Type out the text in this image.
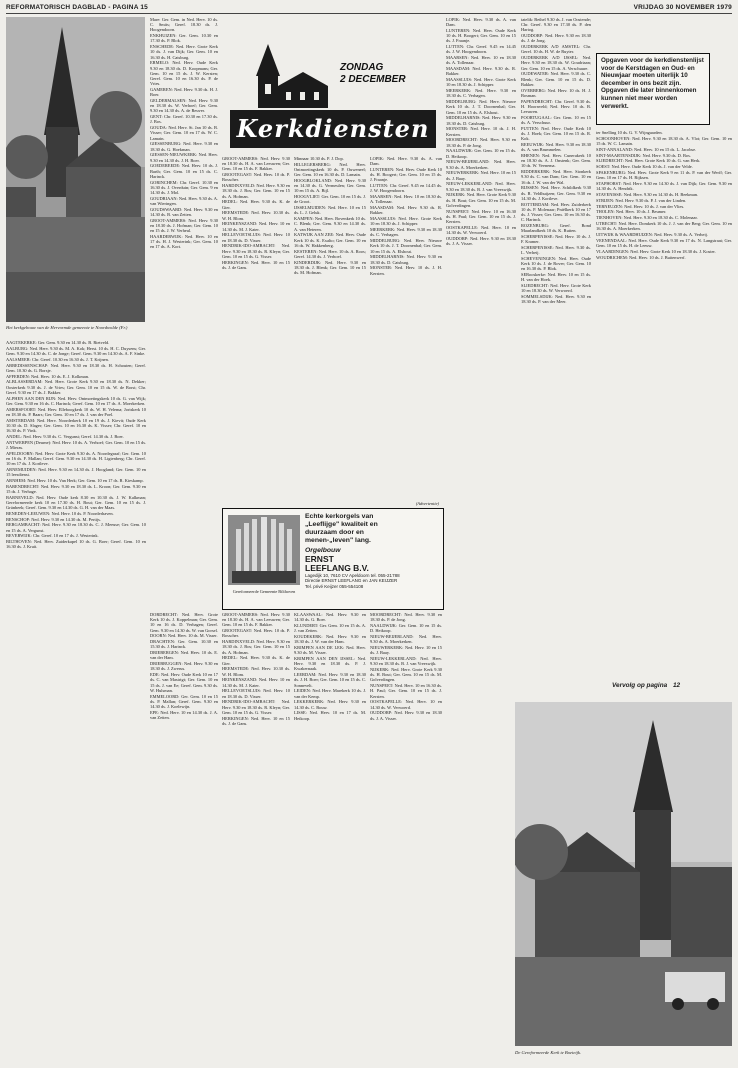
REFORMATORISCH DAGBLAD - PAGINA 15	VRIJDAG 30 NOVEMBER 1979
Het kerkgebouw van de Hervormde gemeente te Noordwolde (Fr.)

AAGTEKERKE: Ger. Gem. 9.30 en 14.30 ds. B. Rietveld.

AALBURG: Ned. Herv. 9.30 ds. M. A. Kok; Herst. 10 ds. H. C. Duysens; Ger. Gem. 9.30 en 14.30 ds. C. de Jonge; Geref. Gem. 9.30 en 14.30 ds. A. F. Sinke.

AALSMEER: Chr. Geref. 10.30 en 16.30 ds. J. T. Krijnen.

ABBEDISSENSCHAP: Ned. Herv. 9.30 en 18.30 ds. H. Schouten; Geref. Gem. 10.30 ds. G. Borsje.

AFFERDEN: Ned. Herv. 10 ds. E. J. Kolkman.

ALBLASSERDAM: Ned. Herv. Grote Kerk 9.30 en 18.30 ds. N. Dekker; Oosterkerk 9.30 ds. J. de Vries; Ger. Gem. 10 en 15 ds. W. de Borst; Chr. Geref. 9.30 en 17 ds. J. Bakker.

ALPHEN AAN DEN RIJN: Ned. Herv. Ontmoetingskerk 10 ds. G. van Wijk; Ger. Gem. 9.30 en 16 ds. C. Harinck; Geref. Gem. 10 en 17 ds. A. Moerkerken.

AMERSFOORT: Ned. Herv. Elleboogkerk 10 ds. W. H. Velema; Joriskerk 10 en 18.30 ds. P. Baars; Ger. Gem. 10 en 17 ds. J. van der Poel.

AMSTERDAM: Ned. Herv. Noorderkerk 10 en 19 ds. J. Kievit; Oude Kerk 10.30 ds. D. Slager; Ger. Gem. 10 en 16.30 ds. K. Visser; Chr. Geref. 10 en 16.30 ds. P. Vink.

ANDEL: Ned. Herv. 9.30 ds. C. Vergunst; Geref. 14.30 ds. J. Boer.

ANTWERPEN (Deurne): Ned. Herv. 10 ds. A. Verhoef; Ger. Gem. 10 en 15 ds. J. Mieras.

APELDOORN: Ned. Herv. Grote Kerk 9.30 ds. A. Noordegraaf; Ger. Gem. 10 en 16 ds. F. Mallan; Geref. Gem. 9.30 en 14.30 ds. H. Ligtenberg; Chr. Geref. 10 en 17 ds. J. Kortleve.

ARNEMUIDEN: Ned. Herv. 9.30 en 14.30 ds. J. Hoogland; Ger. Gem. 10 en 15 leesdienst.

ARNHEM: Ned. Herv. 10 ds. Van Herk; Ger. Gem. 10 en 17 ds. R. Kieskamp.

BARENDRECHT: Ned. Herv. 9.30 en 18.30 ds. L. Kroon; Ger. Gem. 9.30 en 15 ds. J. Verhage.

BARNEVELD: Ned. Herv. Oude kerk 8.30 en 10.30 ds. J. W. Kalkman; Gereformeerde kerk 10 en 17.30 ds. H. Bout; Ger. Gem. 10 en 15 ds. J. Grünbeek; Geref. Gem. 9.30 en 14.30 ds. G. H. van der Maas.

BENEDEN-LEEUWEN: Ned. Herv. 10 ds. P. Noorderhaven.

BENSCHOP: Ned. Herv. 9.30 en 14.30 ds. M. Pertijs.

BERGAMBACHT: Ned. Herv. 9.30 en 18.30 ds. C. J. Meeuse; Ger. Gem. 10 en 15 ds. A. Vergunst.

BEVERWIJK: Chr. Geref. 10 en 17 ds. J. Westerink.

BILTHOVEN: Ned. Herv. Zuiderkapel 10 ds. G. Boer; Geref. Gem. 10 en 16.30 ds. J. Kruit.

Mare: Ger. Gem. in Ned. Herv. 10 ds. C. Smits; Geref. 18.30 ds. J. Hoogendoorn.

ENKHUIZEN: Ger. Gem. 10.30 en 17.30 ds. P. Blok.

ENSCHEDE: Ned. Herv. Grote Kerk 10 ds. J. van Dijk; Ger. Gem. 10 en 16.30 ds. H. Catsburg.

ERMELO: Ned. Herv. Oude Kerk 9.30 en 18.30 ds. D. Koopmans; Ger. Gem. 10 en 15 ds. J. W. Kersten; Geref. Gem. 10 en 16.30 ds. P. de Vries.

GAMEREN: Ned. Herv. 9.30 ds. H. J. Boer.

GELDERMALSEN: Ned. Herv. 9.30 en 18.30 ds. W. Verhoef; Ger. Gem. 9.30 en 14.30 ds. A. de Reuver.

GENT: Chr. Geref. 10.30 en 17.30 ds. J. Bos.

GOUDA: Ned. Herv. St. Jan 10 ds. B. Visser; Ger. Gem. 10 en 17 ds. W. C. Lamain.

GIESSENBURG: Ned. Herv. 9.30 en 18.30 ds. G. Hoekman.

GIESSEN-NIEUWKERK: Ned. Herv. 9.30 en 14.30 ds. J. H. Boer.

GOEDEREEDE: Ned. Herv. 10 ds. J. Barth; Ger. Gem. 10 en 15 ds. C. Harinck.

GORINCHEM: Chr. Geref. 10.30 en 16.30 ds. J. Overduin; Ger. Gem. 9 en 14.30 ds. J. Mol.

GOUDRIAAN: Ned. Herv. 9.30 ds. A. van Wieringen.

GOUDSWAARD: Ned. Herv. 9.30 en 14.30 ds. B. van Zetten.

GROOT-AMMERS: Ned. Herv. 9.30 en 18.30 ds. J. Hofman; Ger. Gem. 10 en 15 ds. J. W. Verheul.

HAARDERWIJK: Ned. Herv. 10 en 17 ds. H. J. Westerink; Ger. Gem. 10 en 17 ds. A. Kort.

DORDRECHT: Ned. Herv. Grote Kerk 10 ds. J. Koppelman; Ger. Gem. 10 en 16 ds. D. Verhagen; Geref. Gem. 9.30 en 14.30 ds. W. van Gorsel.

DOORN: Ned. Herv. 10 ds. M. Visser.

DRACHTEN: Ger. Gem. 10.30 en 15.30 ds. J. Harinck.

DRIEBERGEN: Ned. Herv. 10 ds. E. van der Ham.

DRIEBRUGGEN: Ned. Herv. 9.30 en 18.30 ds. J. Zwerus.

EDE: Ned. Herv. Oude Kerk 10 en 17 ds. C. van Mastrigt; Ger. Gem. 10 en 15 ds. J. van Ee; Geref. Gem. 9.30 ds. W. Hulsman.

EMMELOORD: Ger. Gem. 10 en 15 ds. P. Mallan; Geref. Gem. 9.30 en 14.30 ds. J. Koelewijn.

EPE: Ned. Herv. 10 en 14.30 ds. J. A. van Zetten.

ZONDAG
2 DECEMBER
Kerkdiensten

GROOT-AMMERS: Ned. Herv. 9.30 en 18.30 ds. H. A. van Leeuwen; Ger. Gem. 10 en 15 ds. F. Bakker.

GROOTEGAST: Ned. Herv. 10 ds. P. Bosscher.

HARDINXVELD: Ned. Herv. 9.30 en 18.30 ds. J. Bos; Ger. Gem. 10 en 15 ds. A. Hofman.

HEDEL: Ned. Herv. 9.30 ds. K. de Gier.

HEEMSTEDE: Ned. Herv. 10.30 ds. W. H. Blom.

HEINKENSZAND: Ned. Herv. 10 en 14.30 ds. M. J. Kater.

HELLEVOETSLUIS: Ned. Herv. 10 en 18.30 ds. D. Visser.

HENDRIK-IDO-AMBACHT: Ned. Herv. 9.30 en 18.30 ds. R. Kleyn; Ger. Gem. 10 en 15 ds. G. Visser.

HERKINGEN: Ned. Herv. 10 en 15 ds. J. de Gans.

GROOT-AMMERS: Ned. Herv. 9.30 en 18.30 ds. H. A. van Leeuwen; Ger. Gem. 10 en 15 ds. F. Bakker.

GROOTEGAST: Ned. Herv. 10 ds. P. Bosscher.

HARDINXVELD: Ned. Herv. 9.30 en 18.30 ds. J. Bos; Ger. Gem. 10 en 15 ds. A. Hofman.

HEDEL: Ned. Herv. 9.30 ds. K. de Gier.

HEEMSTEDE: Ned. Herv. 10.30 ds. W. H. Blom.

HEINKENSZAND: Ned. Herv. 10 en 14.30 ds. M. J. Kater.

HELLEVOETSLUIS: Ned. Herv. 10 en 18.30 ds. D. Visser.

HENDRIK-IDO-AMBACHT: Ned. Herv. 9.30 en 18.30 ds. R. Kleyn; Ger. Gem. 10 en 15 ds. G. Visser.

HERKINGEN: Ned. Herv. 10 en 15 ds. J. de Gans.

Minnaar 10.30 ds. P. J. Dop.

HILLEGERSBERG: Ned. Herv. Ontmoetingskerk 10 ds. P. Ouweneel; Ger. Gem. 10 en 16.30 ds. D. Lamain.

HOOGBLOKLAND: Ned. Herv. 9.30 en 14.30 ds. G. Vermeulen; Ger. Gem. 10 en 15 ds. A. Bijl.

HOOGVLIET: Ger. Gem. 10 en 15 ds. J. de Groot.

IJSSELMUIDEN: Ned. Herv. 10 en 15 ds. L. J. Geluk.

KAMPEN: Ned. Herv. Bovenkerk 10 ds. C. Blenk; Ger. Gem. 9.30 en 14.30 ds. A. van Heteren.

KATWIJK AAN ZEE: Ned. Herv. Oude Kerk 10 ds. K. Exalto; Ger. Gem. 10 en 16 ds. W. Hakkenberg.

KESTEREN: Ned. Herv. 10 ds. A. Roos; Geref. 14.30 ds. J. Verhoef.

KINDERDIJK: Ned. Herv. 9.30 en 18.30 ds. J. Blenk; Ger. Gem. 10 en 15 ds. M. Hofman.

KLAASWAAL: Ned. Herv. 9.30 en 14.30 ds. G. Boer.

KLUNDERT: Ger. Gem. 10 en 15 ds. A. J. van Zetten.

KOUDEKERK: Ned. Herv. 9.30 en 18.30 ds. J. W. van der Ham.

KRIMPEN AAN DE LEK: Ned. Herv. 9.30 ds. M. Visser.

KRIMPEN AAN DEN IJSSEL: Ned. Herv. 9.30 en 18.30 ds. P. J. Kwakernaak.

LEERDAM: Ned. Herv. 9.30 en 18.30 ds. J. H. Boer; Ger. Gem. 10 en 15 ds. C. Sonnevelt.

LEIDEN: Ned. Herv. Marekerk 10 ds. J. van der Kemp.

LEKKERKERK: Ned. Herv. 9.30 en 14.30 ds. C. Bouw.

LISSE: Ned. Herv. 10 en 17 ds. M. Heikoop.

LOPIK: Ned. Herv. 9.30 ds. A. van Dam.

LUNTEREN: Ned. Herv. Oude Kerk 10 ds. H. Boogert; Ger. Gem. 10 en 15 ds. J. Fraanje.

LUTTEN: Chr. Geref. 9.45 en 14.45 ds. J. W. Hoogendoorn.

MAARSEN: Ned. Herv. 10 en 18.30 ds. A. Tollenaar.

MAASDAM: Ned. Herv. 9.30 ds. R. Bakker.

MAASSLUIS: Ned. Herv. Grote Kerk 10 en 18.30 ds. J. Schipper.

MEERKERK: Ned. Herv. 9.30 en 18.30 ds. C. Verhagen.

MIDDELBURG: Ned. Herv. Nieuwe Kerk 10 ds. J. T. Doornenbal; Ger. Gem. 10 en 15 ds. A. Elshout.

MIDDELHARNIS: Ned. Herv. 9.30 en 18.30 ds. D. Catsburg.

MONSTER: Ned. Herv. 10 ds. J. H. Kersten.

MOORDRECHT: Ned. Herv. 9.30 en 18.30 ds. P. de Jong.

NAALDWIJK: Ger. Gem. 10 en 15 ds. D. Heikoop.

NIEUW-BEIJERLAND: Ned. Herv. 9.30 ds. A. Moerkerken.

NIEUWERKERK: Ned. Herv. 10 en 15 ds. J. Baay.

NIEUW-LEKKERLAND: Ned. Herv. 9.30 en 18.30 ds. B. J. van Vreeswijk.

NIJKERK: Ned. Herv. Grote Kerk 9.30 ds. H. Bout; Ger. Gem. 10 en 15 ds. M. Golverdingen.

NUNSPEET: Ned. Herv. 10 en 16.30 ds. H. Paul; Ger. Gem. 10 en 15 ds. J. Kersten.

OOSTKAPELLE: Ned. Herv. 10 en 14.30 ds. W. Verwoerd.

OUDDORP: Ned. Herv. 9.30 en 18.30 ds. J. A. Visser.

(Advertentie)
Gereformeerde Gemeente Bilthoven
Echte kerkorgels van
„Leeflijge" kwaliteit en
duurzaam door en
menen-„leven" lang.
Orgelbouw
ERNST
LEEFLANG B.V.
Lagedijk 10, 7610 CV Apeldoorn tel. 055-21788
Directie ERNST LEEFLANG en JAN KEIJZER
Tel. privé Keijzer 055-554108

LOPIK: Ned. Herv. 9.30 ds. A. van Dam.

LUNTEREN: Ned. Herv. Oude Kerk 10 ds. H. Boogert; Ger. Gem. 10 en 15 ds. J. Fraanje.

LUTTEN: Chr. Geref. 9.45 en 14.45 ds. J. W. Hoogendoorn.

MAARSEN: Ned. Herv. 10 en 18.30 ds. A. Tollenaar.

MAASDAM: Ned. Herv. 9.30 ds. R. Bakker.

MAASSLUIS: Ned. Herv. Grote Kerk 10 en 18.30 ds. J. Schipper.

MEERKERK: Ned. Herv. 9.30 en 18.30 ds. C. Verhagen.

MIDDELBURG: Ned. Herv. Nieuwe Kerk 10 ds. J. T. Doornenbal; Ger. Gem. 10 en 15 ds. A. Elshout.

MIDDELHARNIS: Ned. Herv. 9.30 en 18.30 ds. D. Catsburg.

MONSTER: Ned. Herv. 10 ds. J. H. Kersten.

MOORDRECHT: Ned. Herv. 9.30 en 18.30 ds. P. de Jong.

NAALDWIJK: Ger. Gem. 10 en 15 ds. D. Heikoop.

NIEUW-BEIJERLAND: Ned. Herv. 9.30 ds. A. Moerkerken.

NIEUWERKERK: Ned. Herv. 10 en 15 ds. J. Baay.

NIEUW-LEKKERLAND: Ned. Herv. 9.30 en 18.30 ds. B. J. van Vreeswijk.

NIJKERK: Ned. Herv. Grote Kerk 9.30 ds. H. Bout; Ger. Gem. 10 en 15 ds. M. Golverdingen.

NUNSPEET: Ned. Herv. 10 en 16.30 ds. H. Paul; Ger. Gem. 10 en 15 ds. J. Kersten.

OOSTKAPELLE: Ned. Herv. 10 en 14.30 ds. W. Verwoerd.

OUDDORP: Ned. Herv. 9.30 en 18.30 ds. J. A. Visser.

tatelik: Bethel 9.30 ds. J. van Oostende; Chr. Geref. 9.30 en 17.30 ds. P. den Hartog.

OUDDORP: Ned. Herv. 9.30 en 18.30 ds. J. de Jong.

OUDERKERK A/D AMSTEL: Chr. Geref. 10 ds. H. W. de Ruyter.

OUDERKERK A/D IJSSEL: Ned. Herv. 9.30 en 18.30 ds. W. Goudriaan; Ger. Gem. 10 en 15 ds. A. Verschuure.

OUDEWATER: Ned. Herv. 9.30 ds. C. Blenk; Ger. Gem. 10 en 15 ds. D. Bakker.

OVERBERG: Ned. Herv. 10 ds. H. J. Bosman.

PAPENDRECHT: Chr. Geref. 9.30 ds. H. Hoornveld; Ned. Herv. 10 ds. B. Leeuwen.

POORTUGAAL: Ger. Gem. 10 en 15 ds. A. Verschuur.

PUTTEN: Ned. Herv. Oude Kerk 10 ds. J. Hoek; Ger. Gem. 10 en 15 ds. R. Kok.

REEUWIJK: Ned. Herv. 9.30 en 18.30 ds. A. van Brummelen.

RHENEN: Ned. Herv. Cunerakerk 10 en 18.30 ds. A. J. Onstenk; Ger. Gem. 10 ds. W. Veenema.

RIDDERKERK: Ned. Herv. Sionkerk 9.30 ds. C. van Dam; Ger. Gem. 10 en 16 ds. J. W. van der Wal.

RIJSSEN: Ned. Herv. Schildkerk 9.30 ds. R. Veldhuijzen; Ger. Gem. 9.30 en 14.30 ds. J. Kortleve.

ROTTERDAM: Ned. Herv. Zuiderkerk 10 ds. P. Molenaar; Pniëlkerk 10 en 17 ds. J. Visser; Ger. Gem. 10 en 16.30 ds. C. Harinck.

ROZENBURG: Geref. Bond Maarlandkerk 10 ds. K. Rutten.

SCHERPENISSE: Ned. Herv. 10 ds. J. F. Kramer.

SCHERPENISSE: Ned. Herv. 9.30 ds. L. Verheij.

SCHEVENINGEN: Ned. Herv. Oude Kerk 10 ds. J. de Rover; Ger. Gem. 10 en 16.30 ds. P. Blok.

SERooskerke: Ned. Herv. 10 en 15 ds. H. van der Hoek.

SLIEDRECHT: Ned. Herv. Grote Kerk 10 en 18.30 ds. W. Verwoerd.

SOMMELSDIJK: Ned. Herv. 9.30 en 18.30 ds. P. van der Meer.

Opgaven voor de kerkdienstenlijst voor de Kerstdagen en Oud- en Nieuwjaar moeten uiterlijk 10 december in ons bezit zijn. Opgaven die later binnenkomen kunnen niet meer worden verwerkt.

ter Snelling 10 ds. G. V. Wijngaarden.

SCHOONHOVEN: Ned. Herv. 9.30 en 18.30 ds. A. Vlot; Ger. Gem. 10 en 15 ds. W. C. Lamain.

SINT-ANNALAND: Ned. Herv. 10 en 15 ds. L. Jacobse.

SINT-MAARTENSDIJK: Ned. Herv. 9.30 ds. D. Bos.

SLIEDRECHT: Ned. Herv. Grote Kerk 10 ds. G. van Herk.

SOEST: Ned. Herv. Oude Kerk 10 ds. J. van der Velde.

SPAKENBURG: Ned. Herv. Grote Kerk 9 en 11 ds. P. van der Werff; Ger. Gem. 10 en 17 ds. H. Rijksen.

STAPHORST: Ned. Herv. 9.30 en 14.30 ds. J. van Dijk; Ger. Gem. 9.30 en 14.30 ds. A. Hendrik.

STAVENISSE: Ned. Herv. 9.30 en 14.30 ds. H. Beekman.

STRIJEN: Ned. Herv. 9.30 ds. P. J. van der Linden.

TERNEUZEN: Ned. Herv. 10 ds. J. van der Vlies.

THOLEN: Ned. Herv. 10 ds. J. Beumer.

TIENHOVEN: Ned. Herv. 9.30 en 18.30 ds. C. Molenaar.

UTRECHT: Ned. Herv. Domkerk 10 ds. J. J. van der Berg; Ger. Gem. 10 en 16.30 ds. A. Moerkerken.

UITWIJK & WAARDHUIZEN: Ned. Herv. 9.30 ds. A. Verheij.

VEENENDAAL: Ned. Herv. Oude Kerk 9.30 en 17 ds. N. Langstraat; Ger. Gem. 10 en 15 ds. H. de Leeuw.

VLAARDINGEN: Ned. Herv. Grote Kerk 10 en 18.30 ds. J. Koster.

WOUDRICHEM: Ned. Herv. 10 ds. J. Buitenwerf.

Vervolg op pagina 12
De Gereformeerde Kerk te Boeteijk.
